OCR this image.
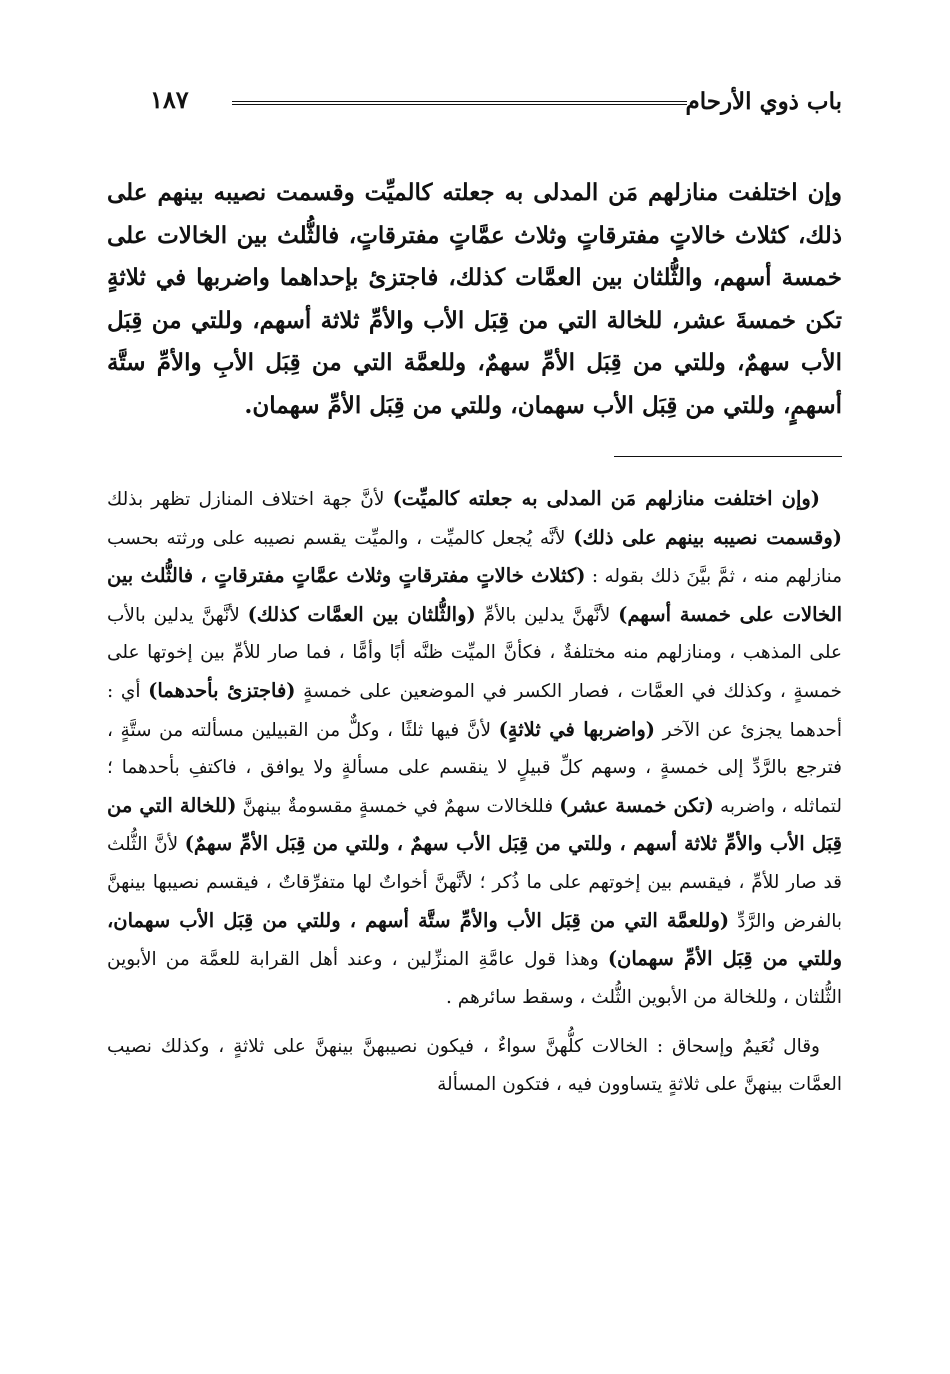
باب ذوي الأرحام
١٨٧

وإن اختلفت منازلهم مَن المدلى به جعلته كالميِّت وقسمت نصيبه بينهم على ذلك، كثلاث خالاتٍ مفترقاتٍ وثلاث عمَّاتٍ مفترقاتٍ، فالثُّلث بين الخالات على خمسة أسهم، والثُّلثان بين العمَّات كذلك، فاجتزئ بإحداهما واضربها في ثلاثةٍ تكن خمسةَ عشر، للخالة التي من قِبَل الأب والأمِّ ثلاثة أسهم، وللتي من قِبَل الأب سهمٌ، وللتي من قِبَل الأمِّ سهمٌ، وللعمَّة التي من قِبَل الأبِ والأمِّ ستَّة أسهمٍ، وللتي من قِبَل الأب سهمان، وللتي من قِبَل الأمِّ سهمان.

(وإن اختلفت منازلهم مَن المدلى به جعلته كالميِّت) لأنَّ جهة اختلاف المنازل تظهر بذلك (وقسمت نصيبه بينهم على ذلك) لأنَّه يُجعل كالميِّت ، والميِّت يقسم نصيبه على ورثته بحسب منازلهم منه ، ثمَّ بيَّنَ ذلك بقوله : (كثلاث خالاتٍ مفترقاتٍ وثلاث عمَّاتٍ مفترقاتٍ ، فالثُّلث بين الخالات على خمسة أسهم) لأنَّهنَّ يدلين بالأمِّ (والثُّلثان بين العمَّات كذلك) لأنَّهنَّ يدلين بالأب على المذهب ، ومنازلهم منه مختلفةٌ ، فكأنَّ الميِّت ظنَّه أبًا وأمًّا ، فما صار للأمِّ بين إخوتها على خمسةٍ ، وكذلك في العمَّات ، فصار الكسر في الموضعين على خمسةٍ (فاجتزئ بأحدهما) أي : أحدهما يجزئ عن الآخر (واضربها في ثلاثةٍ) لأنَّ فيها ثلثًا ، وكلٌّ من القبيلين مسألته من ستَّةٍ ، فترجع بالرَّدِّ إلى خمسةٍ ، وسهم كلِّ قبيلٍ لا ينقسم على مسألةٍ ولا يوافق ، فاكتفِ بأحدهما ؛ لتماثله ، واضربه (تكن خمسة عشر) فللخالات سهمٌ في خمسةٍ مقسومةٌ بينهنَّ (للخالة التي من قِبَل الأب والأمِّ ثلاثة أسهم ، وللتي من قِبَل الأب سهمٌ ، وللتي من قِبَل الأمِّ سهمٌ) لأنَّ الثُّلث قد صار للأمِّ ، فيقسم بين إخوتهم على ما ذُكر ؛ لأنَّهنَّ أخواتٌ لها متفرِّقاتٌ ، فيقسم نصيبها بينهنَّ بالفرض والرَّدِّ (وللعمَّة التي من قِبَل الأب والأمِّ ستَّة أسهم ، وللتي من قِبَل الأب سهمان، وللتي من قِبَل الأمِّ سهمان) وهذا قول عامَّةِ المنزِّلين ، وعند أهل القرابة للعمَّة من الأبوين الثُّلثان ، وللخالة من الأبوين الثُّلث ، وسقط سائرهم .

وقال نُعَيمٌ وإسحاق : الخالات كلُّهنَّ سواءٌ ، فيكون نصيبهنَّ بينهنَّ على ثلاثةٍ ، وكذلك نصيب العمَّات بينهنَّ على ثلاثةٍ يتساوون فيه ، فتكون المسألة
